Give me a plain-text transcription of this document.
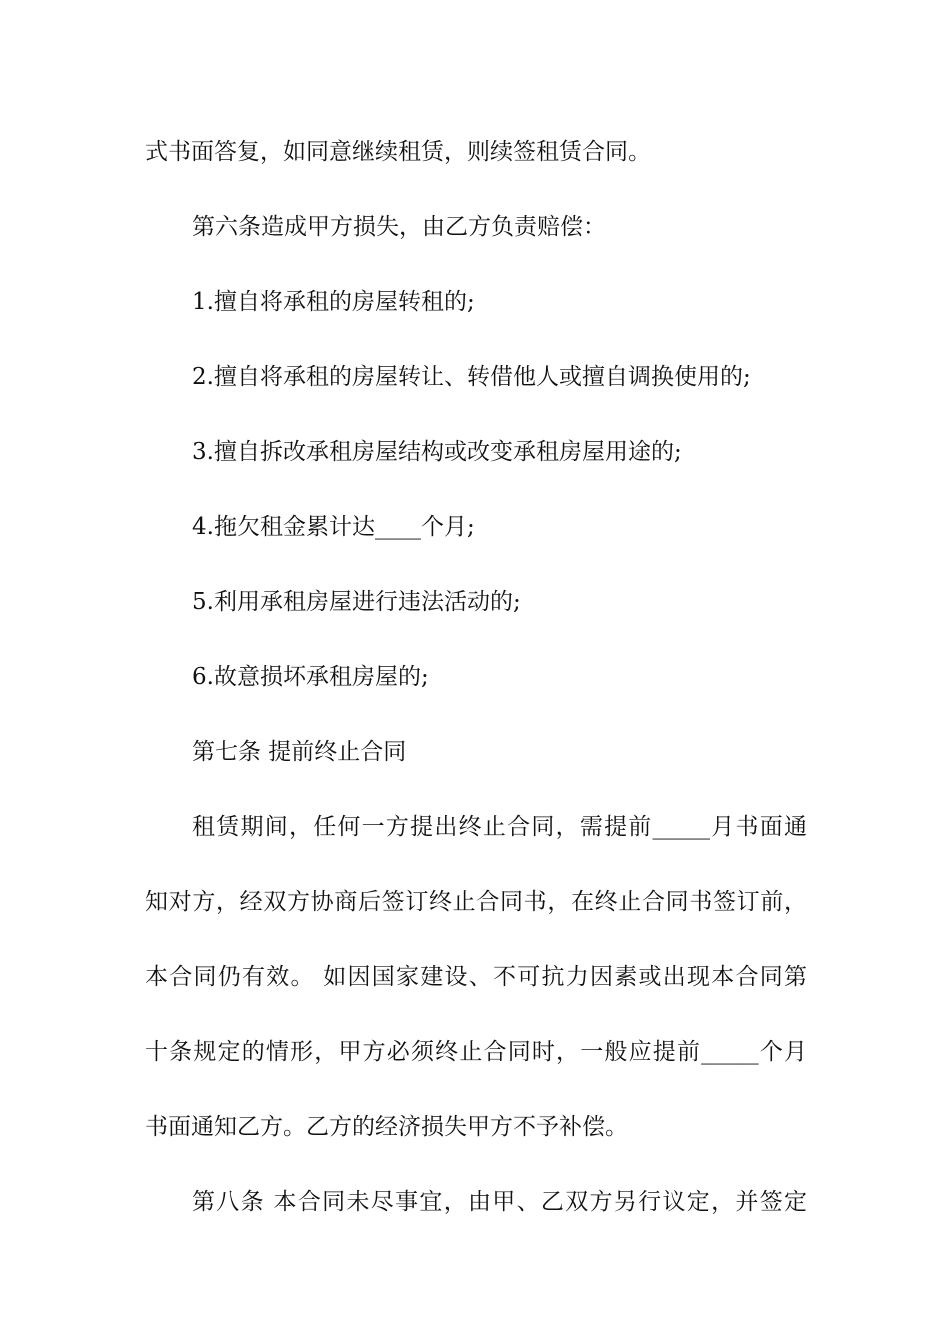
式书面答复，如同意继续租赁，则续签租赁合同。
第六条造成甲方损失，由乙方负责赔偿：
1.擅自将承租的房屋转租的;
2.擅自将承租的房屋转让、转借他人或擅自调换使用的;
3.擅自拆改承租房屋结构或改变承租房屋用途的;
4.拖欠租金累计达____个月;
5.利用承租房屋进行违法活动的;
6.故意损坏承租房屋的;
第七条 提前终止合同
租赁期间，任何一方提出终止合同，需提前_____月书面通
知对方，经双方协商后签订终止合同书，在终止合同书签订前，
本合同仍有效。 如因国家建设、不可抗力因素或出现本合同第
十条规定的情形，甲方必须终止合同时，一般应提前_____个月
书面通知乙方。乙方的经济损失甲方不予补偿。
第八条 本合同未尽事宜，由甲、乙双方另行议定，并签定
